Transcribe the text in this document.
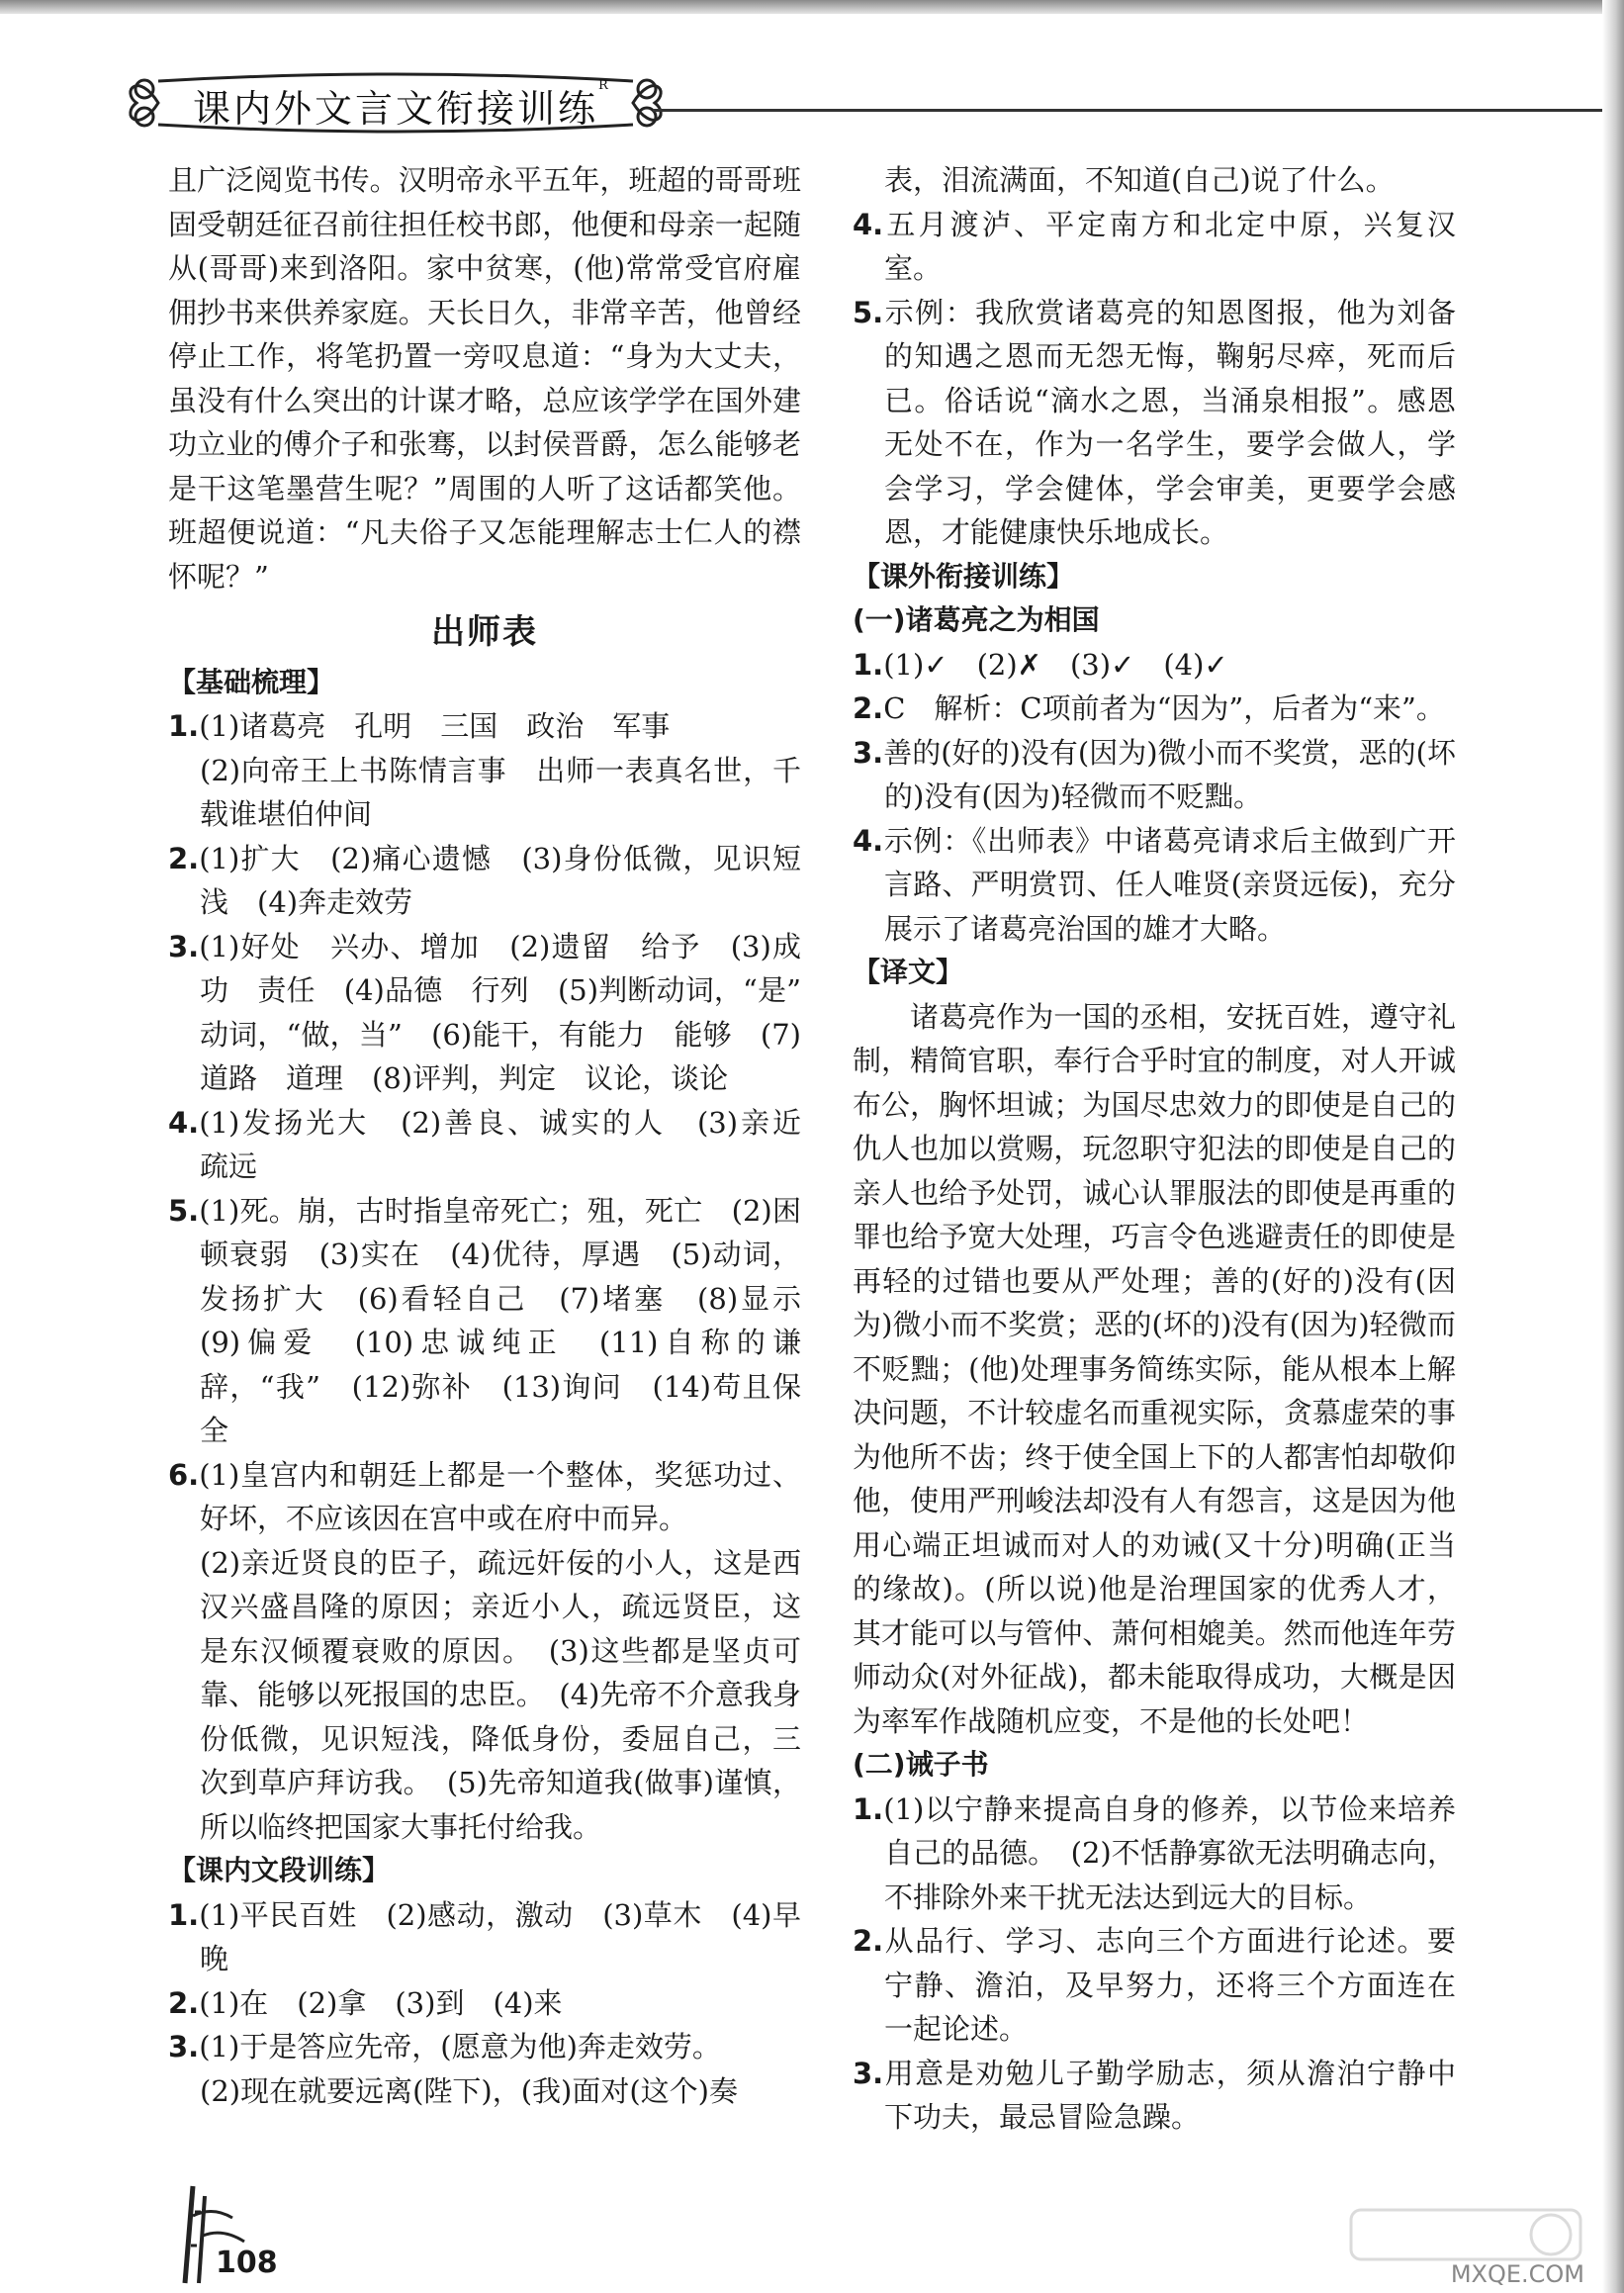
课内外文言文衔接训练$^R$

且广泛阅览书传。汉明帝永平五年，班超的哥哥班固受朝廷征召前往担任校书郎，他便和母亲一起随从(哥哥)来到洛阳。家中贫寒，(他)常常受官府雇佣抄书来供养家庭。天长日久，非常辛苦，他曾经停止工作，将笔扔置一旁叹息道：“身为大丈夫，虽没有什么突出的计谋才略，总应该学学在国外建功立业的傅介子和张骞，以封侯晋爵，怎么能够老是干这笔墨营生呢？”周围的人听了这话都笑他。班超便说道：“凡夫俗子又怎能理解志士仁人的襟怀呢？”

出师表

【基础梳理】

1.(1)诸葛亮　孔明　三国　政治　军事

(2)向帝王上书陈情言事　出师一表真名世，千载谁堪伯仲间

2.(1)扩大　(2)痛心遗憾　(3)身份低微，见识短浅　(4)奔走效劳

3.(1)好处　兴办、增加　(2)遗留　给予　(3)成功　责任　(4)品德　行列　(5)判断动词，“是”　动词，“做，当”　(6)能干，有能力　能够　(7)道路　道理　(8)评判，判定　议论，谈论

4.(1)发扬光大　(2)善良、诚实的人　(3)亲近　疏远

5.(1)死。崩，古时指皇帝死亡；殂，死亡　(2)困顿衰弱　(3)实在　(4)优待，厚遇　(5)动词，发扬扩大　(6)看轻自己　(7)堵塞　(8)显示　(9)偏爱　(10)忠诚纯正　(11)自称的谦辞，“我”　(12)弥补　(13)询问　(14)苟且保全

6.(1)皇宫内和朝廷上都是一个整体，奖惩功过、好坏，不应该因在宫中或在府中而异。

(2)亲近贤良的臣子，疏远奸佞的小人，这是西汉兴盛昌隆的原因；亲近小人，疏远贤臣，这是东汉倾覆衰败的原因。　(3)这些都是坚贞可靠、能够以死报国的忠臣。　(4)先帝不介意我身份低微，见识短浅，降低身份，委屈自己，三次到草庐拜访我。　(5)先帝知道我(做事)谨慎，所以临终把国家大事托付给我。

【课内文段训练】

1.(1)平民百姓　(2)感动，激动　(3)草木　(4)早晚

2.(1)在　(2)拿　(3)到　(4)来

3.(1)于是答应先帝，(愿意为他)奔走效劳。

(2)现在就要远离(陛下)，(我)面对(这个)奏

表，泪流满面，不知道(自己)说了什么。

4.五月渡泸、平定南方和北定中原，兴复汉室。

5.示例：我欣赏诸葛亮的知恩图报，他为刘备的知遇之恩而无怨无悔，鞠躬尽瘁，死而后已。俗话说“滴水之恩，当涌泉相报”。感恩无处不在，作为一名学生，要学会做人，学会学习，学会健体，学会审美，更要学会感恩，才能健康快乐地成长。

【课外衔接训练】

(一)诸葛亮之为相国

1.(1)✓　(2)✗　(3)✓　(4)✓

2.C　解析：C项前者为“因为”，后者为“来”。

3.善的(好的)没有(因为)微小而不奖赏，恶的(坏的)没有(因为)轻微而不贬黜。

4.示例：《出师表》中诸葛亮请求后主做到广开言路、严明赏罚、任人唯贤(亲贤远佞)，充分展示了诸葛亮治国的雄才大略。

【译文】

诸葛亮作为一国的丞相，安抚百姓，遵守礼制，精简官职，奉行合乎时宜的制度，对人开诚布公，胸怀坦诚；为国尽忠效力的即使是自己的仇人也加以赏赐，玩忽职守犯法的即使是自己的亲人也给予处罚，诚心认罪服法的即使是再重的罪也给予宽大处理，巧言令色逃避责任的即使是再轻的过错也要从严处理；善的(好的)没有(因为)微小而不奖赏；恶的(坏的)没有(因为)轻微而不贬黜；(他)处理事务简练实际，能从根本上解决问题，不计较虚名而重视实际，贪慕虚荣的事为他所不齿；终于使全国上下的人都害怕却敬仰他，使用严刑峻法却没有人有怨言，这是因为他用心端正坦诚而对人的劝诫(又十分)明确(正当的缘故)。(所以说)他是治理国家的优秀人才，其才能可以与管仲、萧何相媲美。然而他连年劳师动众(对外征战)，都未能取得成功，大概是因为率军作战随机应变，不是他的长处吧！

(二)诫子书

1.(1)以宁静来提高自身的修养，以节俭来培养自己的品德。　(2)不恬静寡欲无法明确志向，不排除外来干扰无法达到远大的目标。

2.从品行、学习、志向三个方面进行论述。要宁静、澹泊，及早努力，还将三个方面连在一起论述。

3.用意是劝勉儿子勤学励志，须从澹泊宁静中下功夫，最忌冒险急躁。

108	MXQE.COM
